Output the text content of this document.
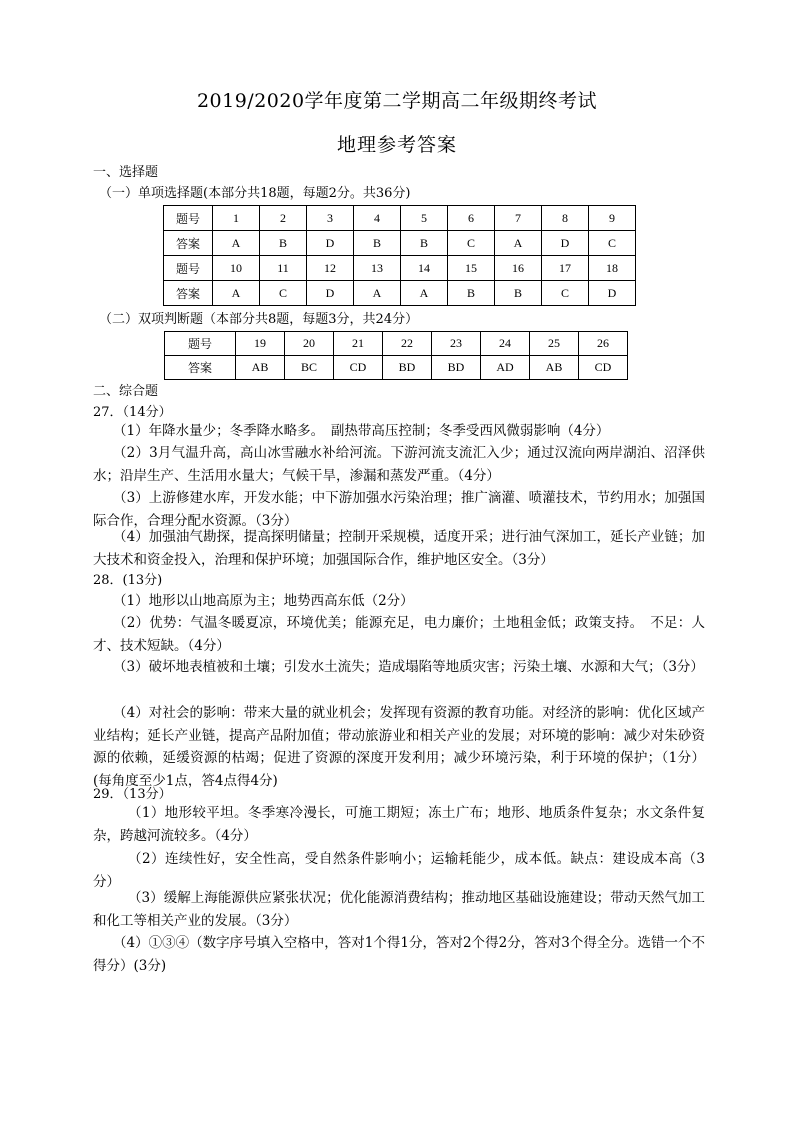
2019/2020学年度第二学期高二年级期终考试
地理参考答案
一、选择题
（一）单项选择题(本部分共18题，每题2分。共36分)
题号	1	2	3	4	5	6	7	8	9
答案	A	B	D	B	B	C	A	D	C
题号	10	11	12	13	14	15	16	17	18
答案	A	C	D	A	A	B	B	C	D
（二）双项判断题（本部分共8题，每题3分，共24分）
题号	19	20	21	22	23	24	25	26
答案	AB	BC	CD	BD	BD	AD	AB	CD
二、综合题
27．（14分）
（1）年降水量少；冬季降水略多。　副热带高压控制；冬季受西风微弱影响（4分）
（2）3月气温升高，高山冰雪融水补给河流。下游河流支流汇入少；通过汉流向两岸湖泊、沼泽供水；沿岸生产、生活用水量大；气候干旱，渗漏和蒸发严重。（4分）
（3）上游修建水库，开发水能；中下游加强水污染治理；推广滴灌、喷灌技术，节约用水；加强国际合作，合理分配水资源。（3分）
（4）加强油气勘探，提高探明储量；控制开采规模，适度开采；进行油气深加工，延长产业链；加大技术和资金投入，治理和保护环境；加强国际合作，维护地区安全。（3分）
28．(13分)
（1）地形以山地高原为主；地势西高东低（2分）
（2）优势：气温冬暖夏凉，环境优美；能源充足，电力廉价；土地租金低；政策支持。　不足：人才、技术短缺。（4分）
（3）破坏地表植被和土壤；引发水土流失；造成塌陷等地质灾害；污染土壤、水源和大气；（3分）
（4）对社会的影响：带来大量的就业机会；发挥现有资源的教育功能。对经济的影响：优化区域产业结构；延长产业链，提高产品附加值；带动旅游业和相关产业的发展；对环境的影响：减少对朱砂资源的依赖，延缓资源的枯竭；促进了资源的深度开发利用；减少环境污染，利于环境的保护；（1分）(每角度至少1点，答4点得4分)
29．（13分）
（1）地形较平坦。冬季寒冷漫长，可施工期短；冻土广布；地形、地质条件复杂；水文条件复杂，跨越河流较多。（4分）
（2）连续性好，安全性高，受自然条件影响小；运输耗能少，成本低。缺点：建设成本高（3分）
（3）缓解上海能源供应紧张状况；优化能源消费结构；推动地区基础设施建设；带动天然气加工和化工等相关产业的发展。（3分）
（4）①③④（数字序号填入空格中，答对1个得1分，答对2个得2分，答对3个得全分。选错一个不得分）(3分)
